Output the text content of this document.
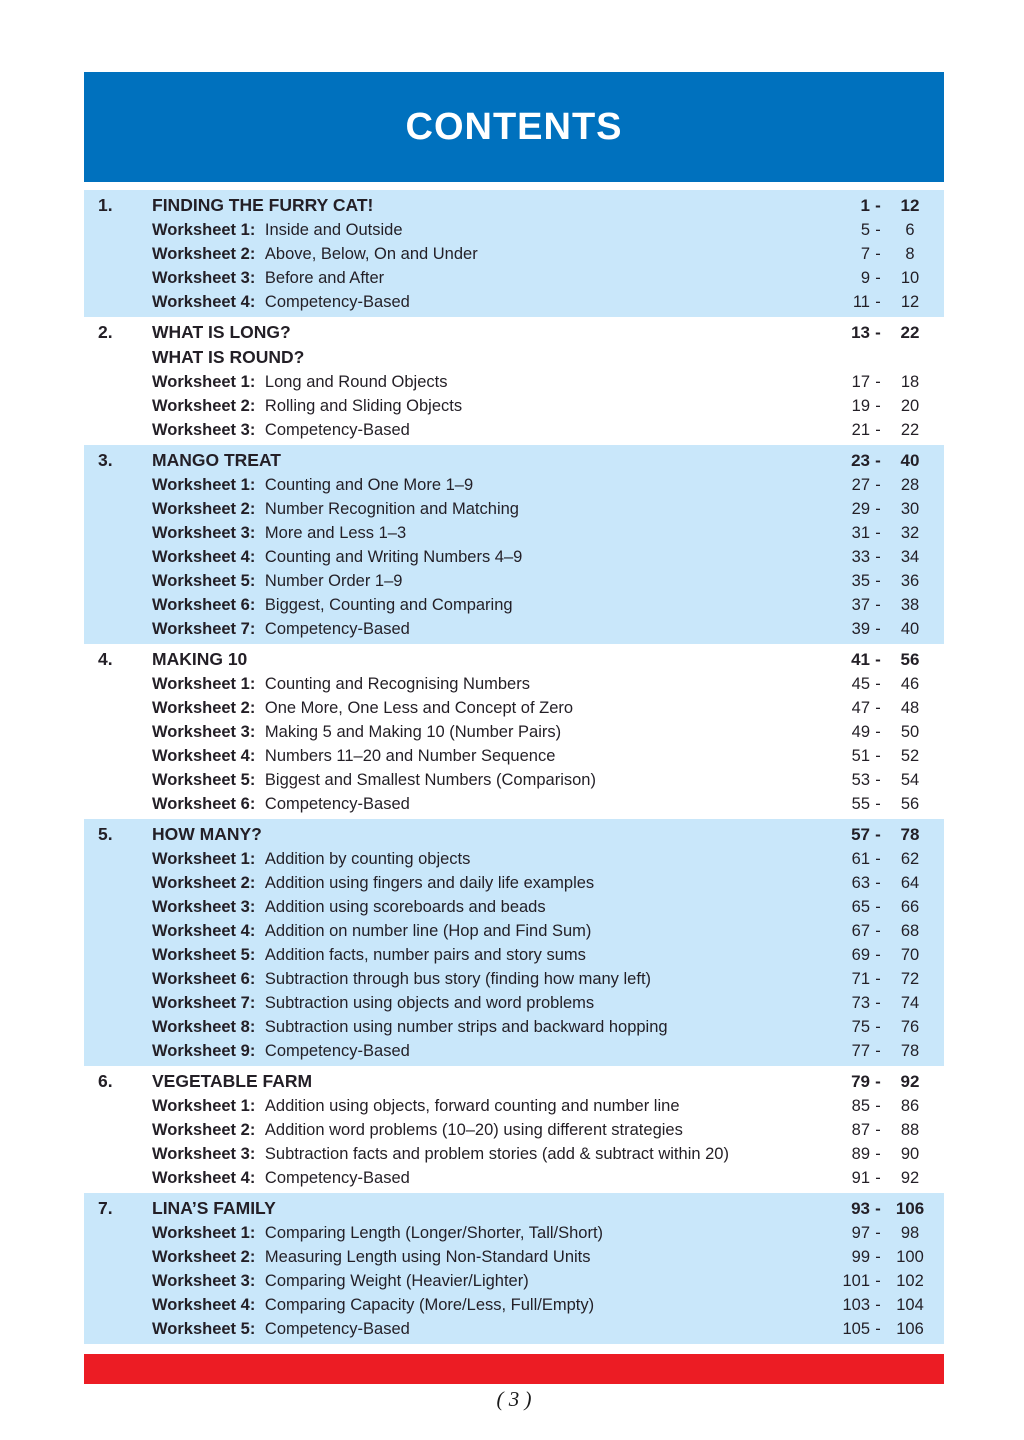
CONTENTS
1.	FINDING THE FURRY CAT!	1 -	12
Worksheet 1: Inside and Outside	5 -	6
Worksheet 2: Above, Below, On and Under	7 -	8
Worksheet 3: Before and After	9 -	10
Worksheet 4: Competency-Based	11 -	12
2.	WHAT IS LONG?	13 -	22
WHAT IS ROUND?
Worksheet 1: Long and Round Objects	17 -	18
Worksheet 2: Rolling and Sliding Objects	19 -	20
Worksheet 3: Competency-Based	21 -	22
3.	MANGO TREAT	23 -	40
Worksheet 1: Counting and One More 1–9	27 -	28
Worksheet 2: Number Recognition and Matching	29 -	30
Worksheet 3: More and Less 1–3	31 -	32
Worksheet 4: Counting and Writing Numbers 4–9	33 -	34
Worksheet 5: Number Order 1–9	35 -	36
Worksheet 6: Biggest, Counting and Comparing	37 -	38
Worksheet 7: Competency-Based	39 -	40
4.	MAKING 10	41 -	56
Worksheet 1: Counting and Recognising Numbers	45 -	46
Worksheet 2: One More, One Less and Concept of Zero	47 -	48
Worksheet 3: Making 5 and Making 10 (Number Pairs)	49 -	50
Worksheet 4: Numbers 11–20 and Number Sequence	51 -	52
Worksheet 5: Biggest and Smallest Numbers (Comparison)	53 -	54
Worksheet 6: Competency-Based	55 -	56
5.	HOW MANY?	57 -	78
Worksheet 1: Addition by counting objects	61 -	62
Worksheet 2: Addition using fingers and daily life examples	63 -	64
Worksheet 3: Addition using scoreboards and beads	65 -	66
Worksheet 4: Addition on number line (Hop and Find Sum)	67 -	68
Worksheet 5: Addition facts, number pairs and story sums	69 -	70
Worksheet 6: Subtraction through bus story (finding how many left)	71 -	72
Worksheet 7: Subtraction using objects and word problems	73 -	74
Worksheet 8: Subtraction using number strips and backward hopping	75 -	76
Worksheet 9: Competency-Based	77 -	78
6.	VEGETABLE FARM	79 -	92
Worksheet 1: Addition using objects, forward counting and number line	85 -	86
Worksheet 2: Addition word problems (10–20) using different strategies	87 -	88
Worksheet 3: Subtraction facts and problem stories (add & subtract within 20)	89 -	90
Worksheet 4: Competency-Based	91 -	92
7.	LINA’S FAMILY	93 - 106
Worksheet 1: Comparing Length (Longer/Shorter, Tall/Short)	97 -	98
Worksheet 2: Measuring Length using Non-Standard Units	99 - 100
Worksheet 3: Comparing Weight (Heavier/Lighter)	101 - 102
Worksheet 4: Comparing Capacity (More/Less, Full/Empty)	103 - 104
Worksheet 5: Competency-Based	105 - 106
( 3 )
